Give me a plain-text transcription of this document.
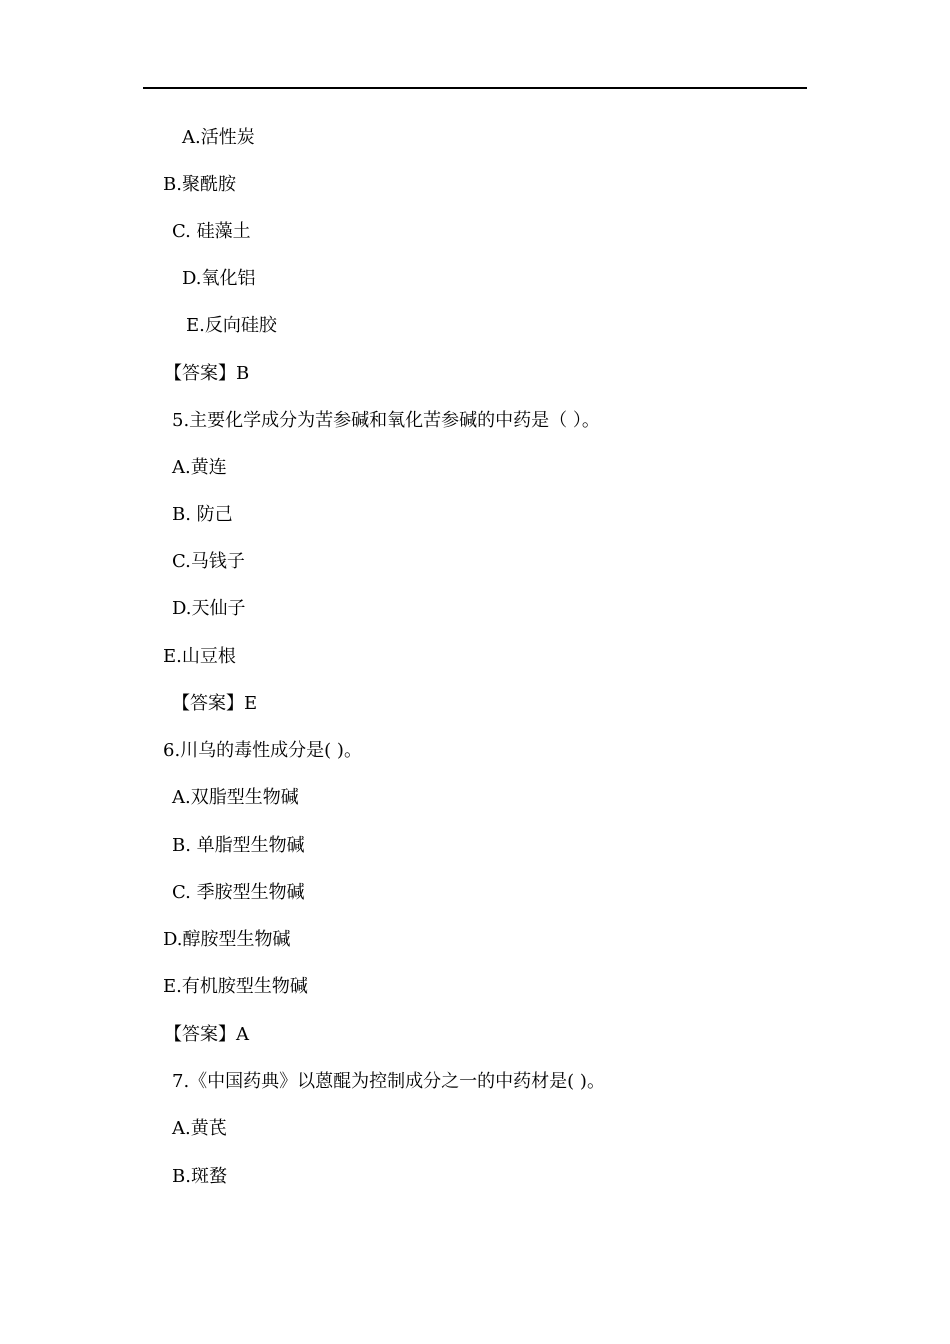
A.活性炭
B.聚酰胺
C. 硅藻土
D.氧化铝
E.反向硅胶
【答案】B
5.主要化学成分为苦参碱和氧化苦参碱的中药是（ ）。
A.黄连
B. 防己
C.马钱子
D.天仙子
E.山豆根
【答案】E
6.川乌的毒性成分是( )。
A.双脂型生物碱
B. 单脂型生物碱
C. 季胺型生物碱
D.醇胺型生物碱
E.有机胺型生物碱
【答案】A
7.《中国药典》以蒽醌为控制成分之一的中药材是( )。
A.黄芪
B.斑蝥
